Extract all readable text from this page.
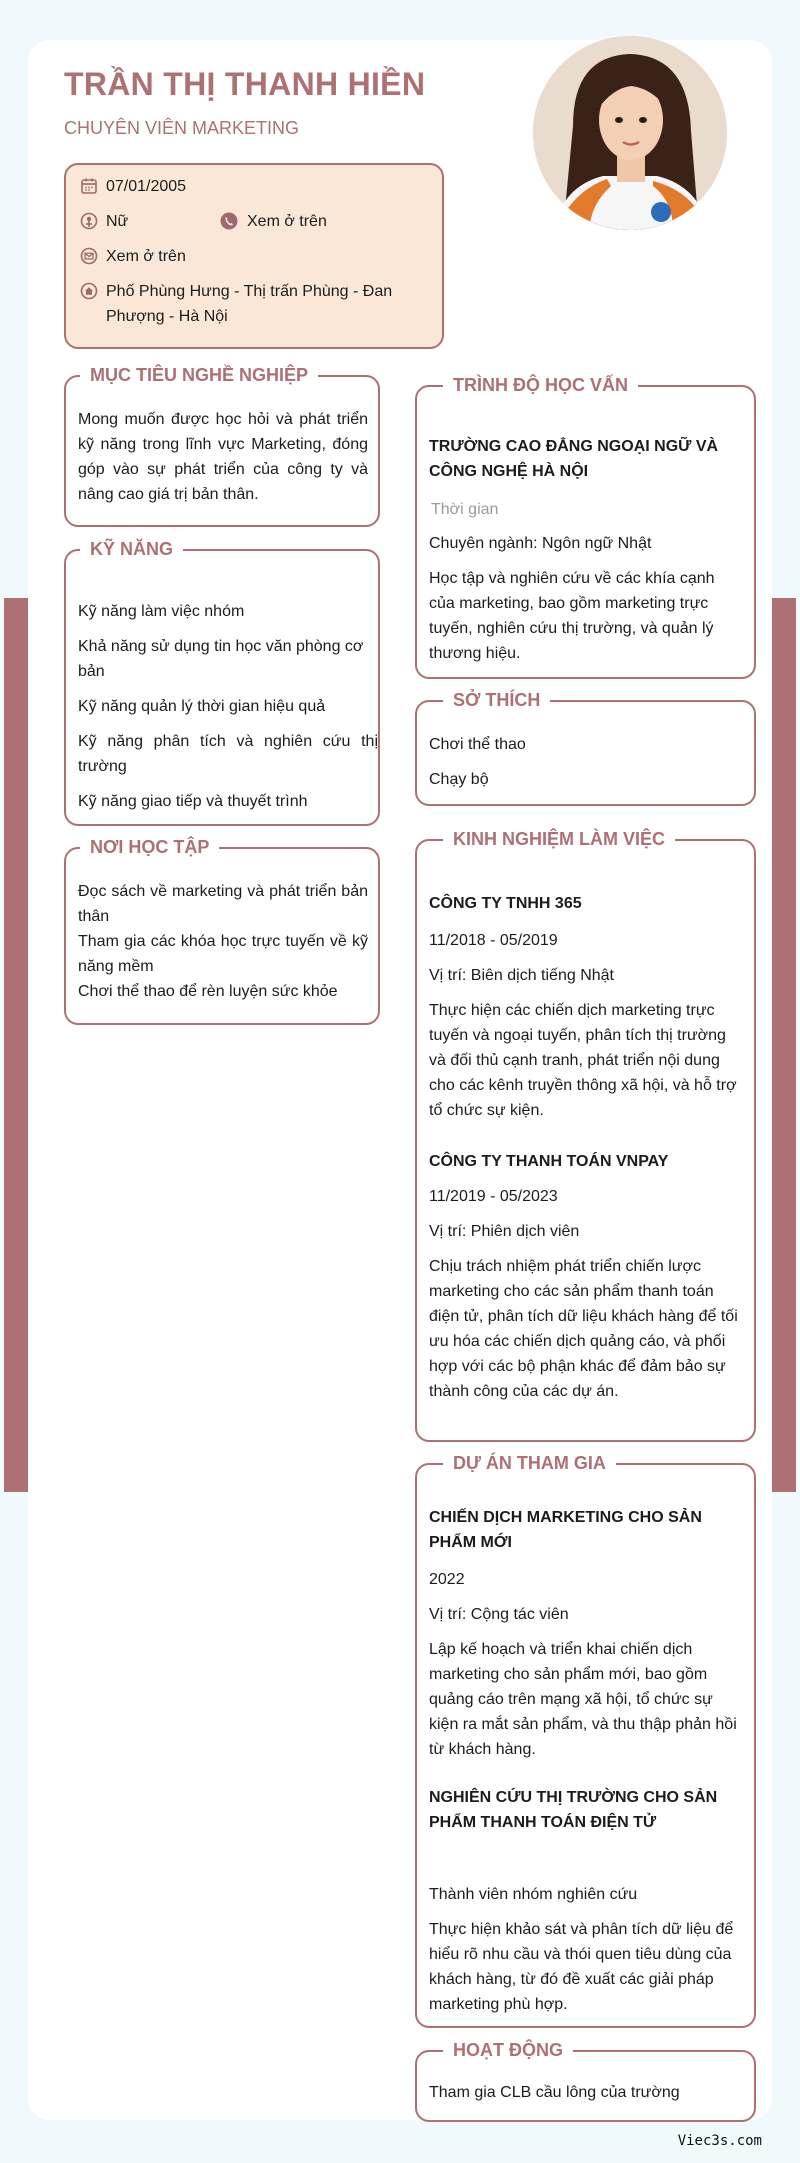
TRẦN THỊ THANH HIỀN
CHUYÊN VIÊN MARKETING
07/01/2005
Nữ	Xem ở trên
Xem ở trên
Phố Phùng Hưng - Thị trấn Phùng - Đan Phượng - Hà Nội
MỤC TIÊU NGHỀ NGHIỆP
Mong muốn được học hỏi và phát triển kỹ năng trong lĩnh vực Marketing, đóng góp vào sự phát triển của công ty và nâng cao giá trị bản thân.
KỸ NĂNG
Kỹ năng làm việc nhóm
Khả năng sử dụng tin học văn phòng cơ bản
Kỹ năng quản lý thời gian hiệu quả
Kỹ năng phân tích và nghiên cứu thị trường
Kỹ năng giao tiếp và thuyết trình
NƠI HỌC TẬP
Đọc sách về marketing và phát triển bản thân
Tham gia các khóa học trực tuyến về kỹ năng mềm
Chơi thể thao để rèn luyện sức khỏe
TRÌNH ĐỘ HỌC VẤN
TRƯỜNG CAO ĐẲNG NGOẠI NGỮ VÀ CÔNG NGHỆ HÀ NỘI
Thời gian
Chuyên ngành: Ngôn ngữ Nhật
Học tập và nghiên cứu về các khía cạnh của marketing, bao gồm marketing trực tuyến, nghiên cứu thị trường, và quản lý thương hiệu.
SỞ THÍCH
Chơi thể thao
Chạy bộ
KINH NGHIỆM LÀM VIỆC
CÔNG TY TNHH 365
11/2018 - 05/2019
Vị trí: Biên dịch tiếng Nhật
Thực hiện các chiến dịch marketing trực tuyến và ngoại tuyến, phân tích thị trường và đối thủ cạnh tranh, phát triển nội dung cho các kênh truyền thông xã hội, và hỗ trợ tổ chức sự kiện.
CÔNG TY THANH TOÁN VNPAY
11/2019 - 05/2023
Vị trí: Phiên dịch viên
Chịu trách nhiệm phát triển chiến lược marketing cho các sản phẩm thanh toán điện tử, phân tích dữ liệu khách hàng để tối ưu hóa các chiến dịch quảng cáo, và phối hợp với các bộ phận khác để đảm bảo sự thành công của các dự án.
DỰ ÁN THAM GIA
CHIẾN DỊCH MARKETING CHO SẢN PHẨM MỚI
2022
Vị trí: Cộng tác viên
Lập kế hoạch và triển khai chiến dịch marketing cho sản phẩm mới, bao gồm quảng cáo trên mạng xã hội, tổ chức sự kiện ra mắt sản phẩm, và thu thập phản hồi từ khách hàng.
NGHIÊN CỨU THỊ TRƯỜNG CHO SẢN PHẨM THANH TOÁN ĐIỆN TỬ
Thành viên nhóm nghiên cứu
Thực hiện khảo sát và phân tích dữ liệu để hiểu rõ nhu cầu và thói quen tiêu dùng của khách hàng, từ đó đề xuất các giải pháp marketing phù hợp.
HOẠT ĐỘNG
Tham gia CLB cầu lông của trường
Viec3s.com
